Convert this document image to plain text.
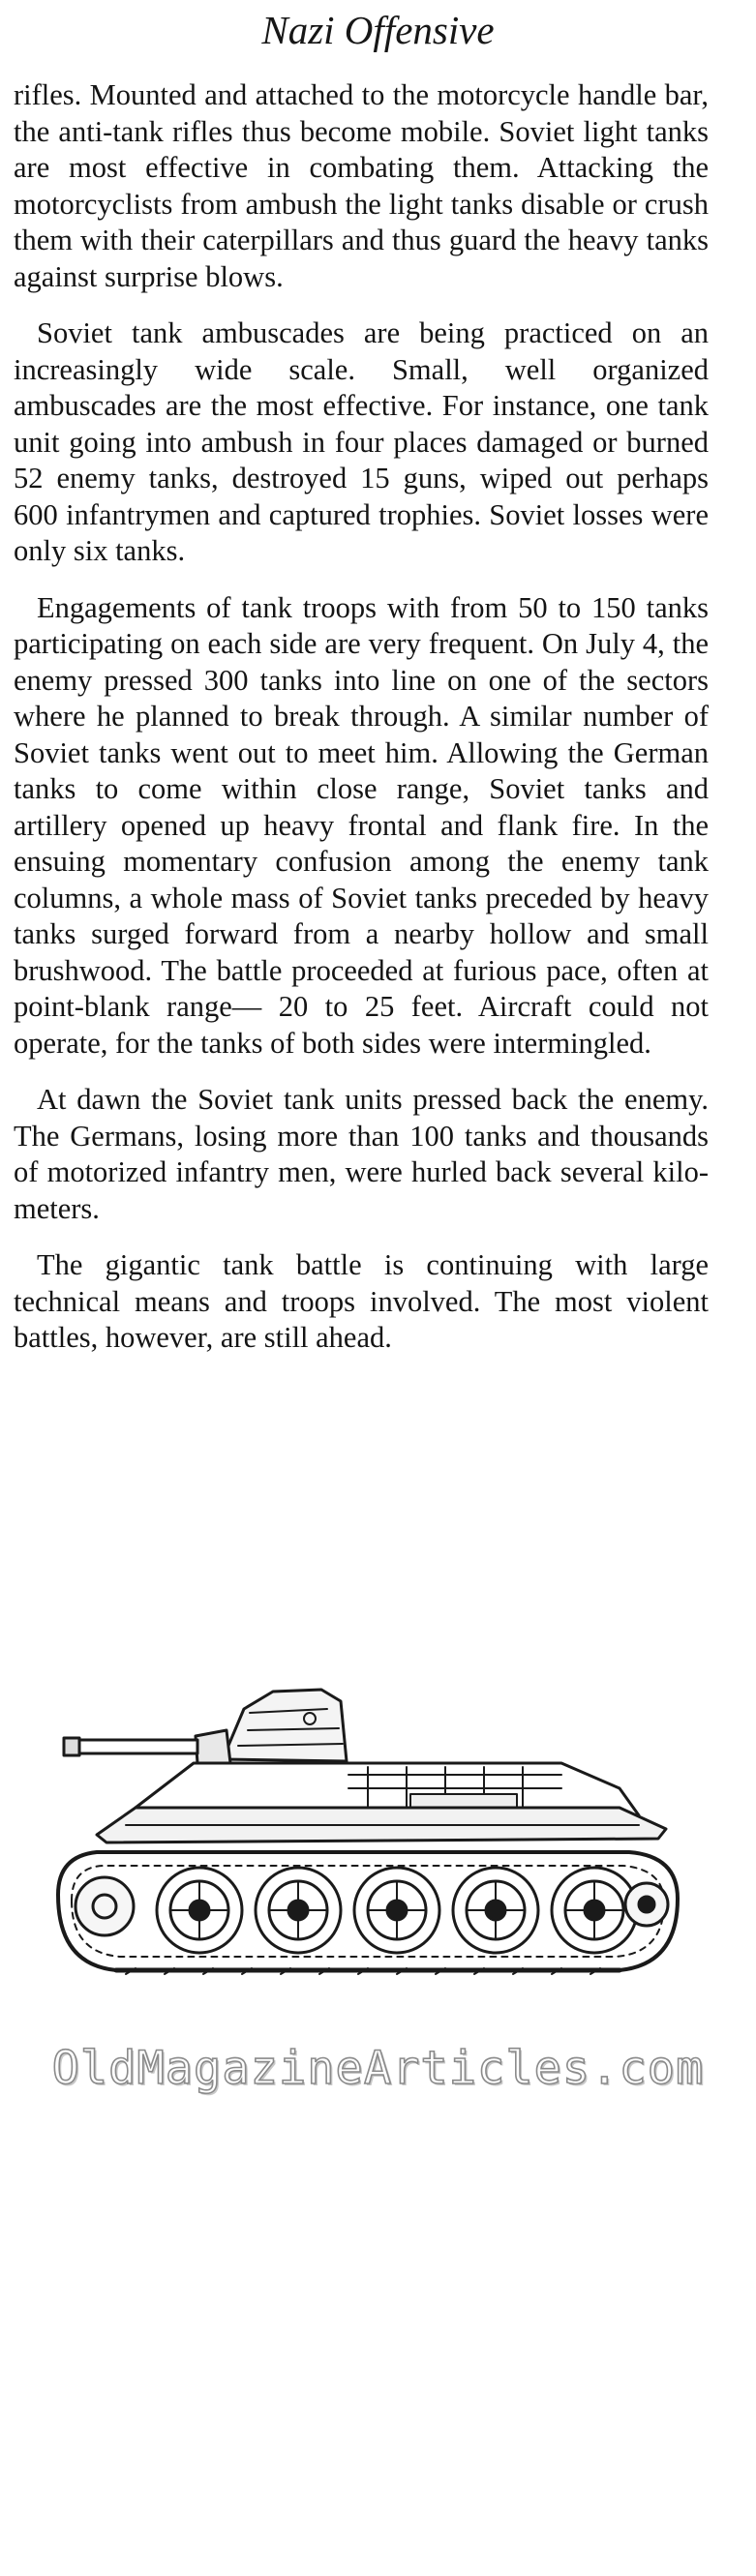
Nazi Offensive

rifles. Mounted and attached to the motorcycle handle bar, the anti-tank rifles thus become mobile. Soviet light tanks are most effective in combating them. Attacking the motorcyclists from ambush the light tanks disable or crush them with their caterpillars and thus guard the heavy tanks against surprise blows.

Soviet tank ambuscades are being practiced on an increasingly wide scale. Small, well organized ambuscades are the most effective. For instance, one tank unit going into ambush in four places damaged or burned 52 enemy tanks, destroyed 15 guns, wiped out perhaps 600 infantrymen and captured trophies. Soviet losses were only six tanks.

Engagements of tank troops with from 50 to 150 tanks participating on each side are very frequent. On July 4, the enemy pressed 300 tanks into line on one of the sectors where he planned to break through. A similar number of Soviet tanks went out to meet him. Allowing the German tanks to come within close range, Soviet tanks and artillery opened up heavy frontal and flank fire. In the ensuing momentary confusion among the enemy tank columns, a whole mass of Soviet tanks preceded by heavy tanks surged forward from a nearby hollow and small brushwood. The battle proceeded at furious pace, often at point-blank range— 20 to 25 feet. Aircraft could not operate, for the tanks of both sides were intermingled.

At dawn the Soviet tank units pressed back the enemy. The Germans, losing more than 100 tanks and thousands of motorized infantry men, were hurled back several kilometers.

The gigantic tank battle is continuing with large technical means and troops involved. The most violent battles, however, are still ahead.

OldMagazineArticles.com
